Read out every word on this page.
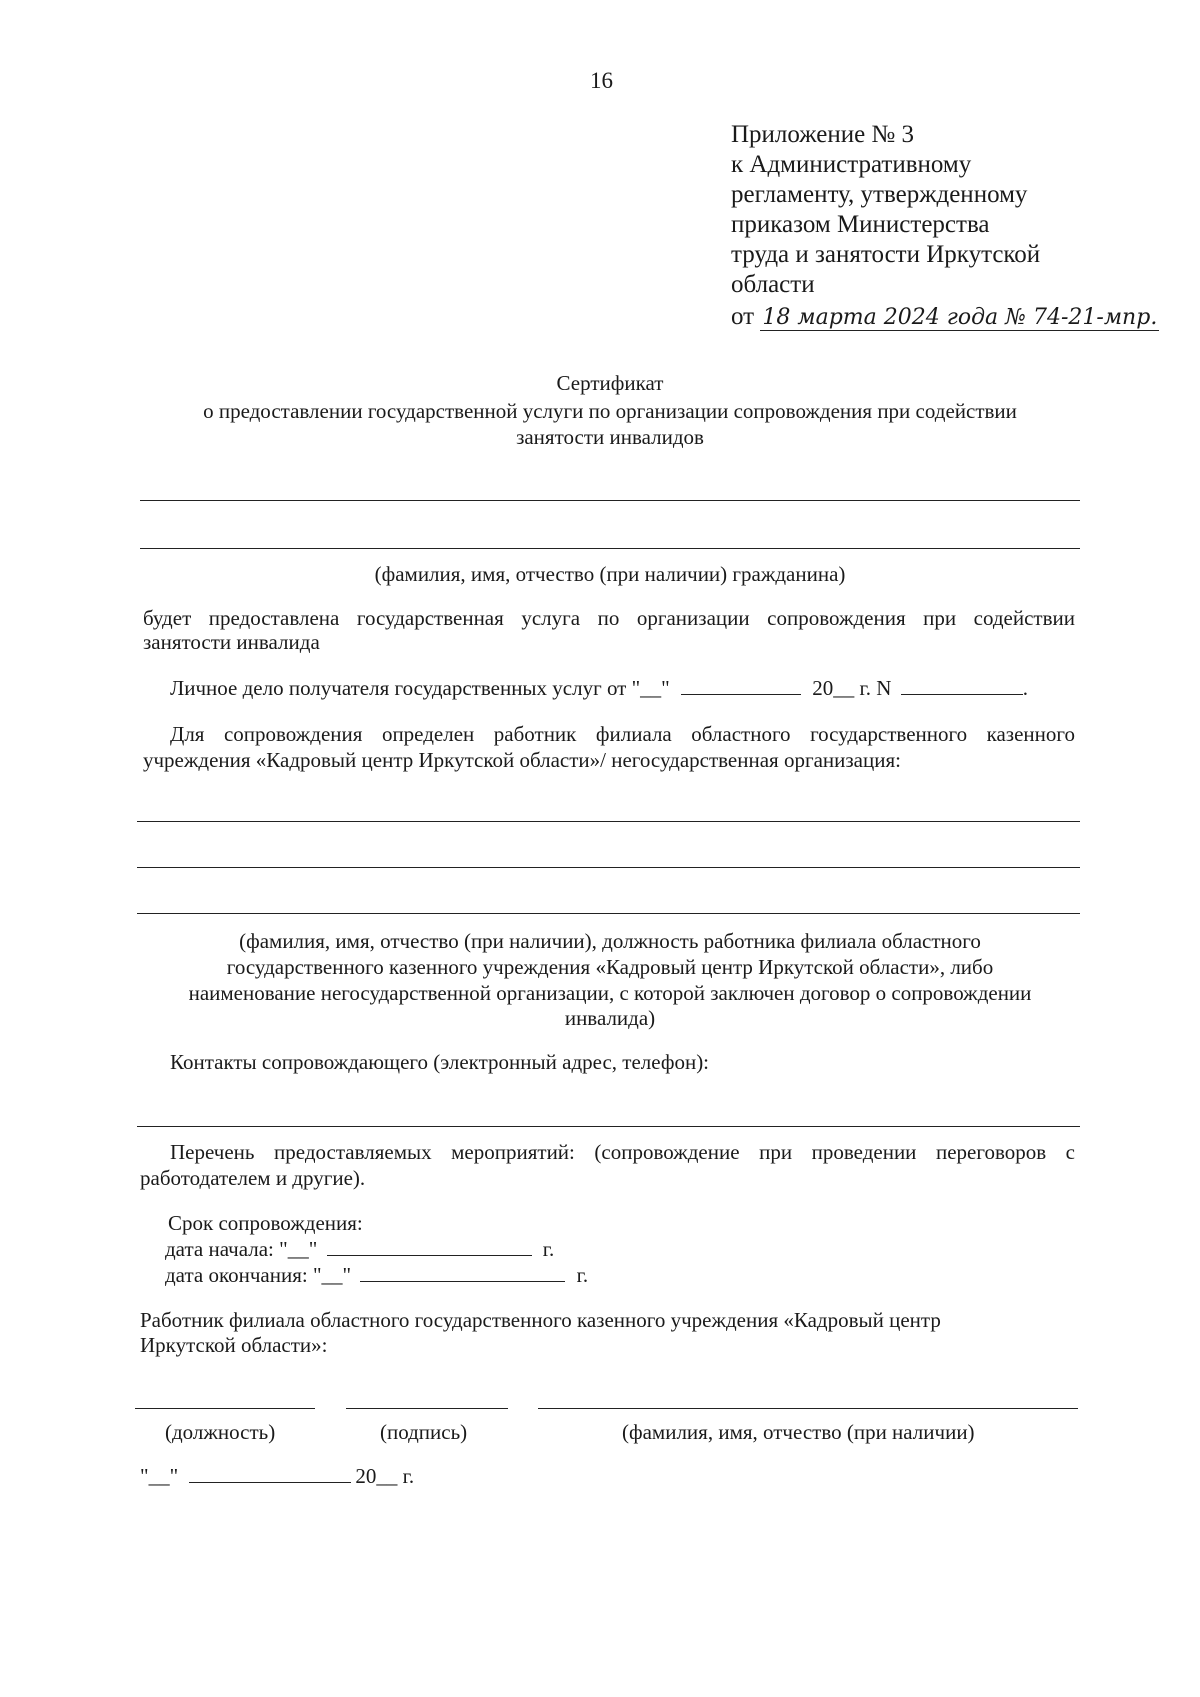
16
Приложение № 3
к Административному
регламенту, утвержденному
приказом Министерства
труда и занятости Иркутской
области
от 18 марта 2024 года № 74-21-мпр.
Сертификат
о предоставлении государственной услуги по организации сопровождения при содействии
занятости инвалидов
(фамилия, имя, отчество (при наличии) гражданина)
будет предоставлена государственная услуга по организации сопровождения при содействии
занятости инвалида
Личное дело получателя государственных услуг от "__"	20__ г. N	.
Для сопровождения определен работник филиала областного государственного казенного
учреждения «Кадровый центр Иркутской области»/ негосударственная организация:
(фамилия, имя, отчество (при наличии), должность работника филиала областного
государственного казенного учреждения «Кадровый центр Иркутской области», либо
наименование негосударственной организации, с которой заключен договор о сопровождении
инвалида)
Контакты сопровождающего (электронный адрес, телефон):
Перечень предоставляемых мероприятий: (сопровождение при проведении переговоров с
работодателем и другие).
Срок сопровождения:
дата начала: "__"	г.
дата окончания: "__"	г.
Работник филиала областного государственного казенного учреждения «Кадровый центр
Иркутской области»:
(должность)	(подпись)	(фамилия, имя, отчество (при наличии)
"__"	20__ г.
